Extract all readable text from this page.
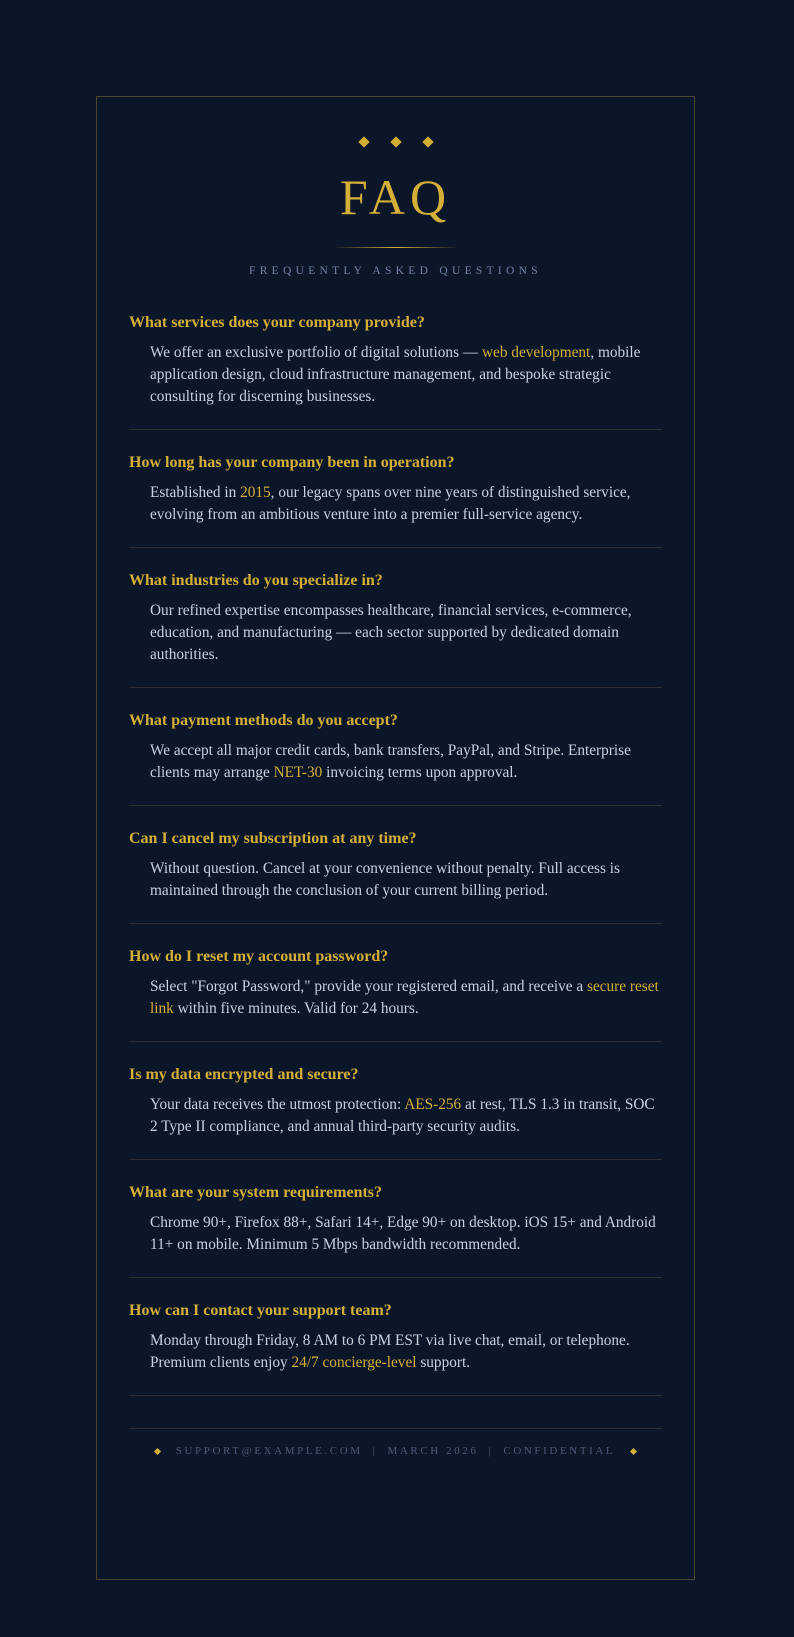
FAQ
FREQUENTLY ASKED QUESTIONS
What services does your company provide?
We offer an exclusive portfolio of digital solutions — web development, mobile application design, cloud infrastructure management, and bespoke strategic consulting for discerning businesses.
How long has your company been in operation?
Established in 2015, our legacy spans over nine years of distinguished service, evolving from an ambitious venture into a premier full-service agency.
What industries do you specialize in?
Our refined expertise encompasses healthcare, financial services, e-commerce, education, and manufacturing — each sector supported by dedicated domain authorities.
What payment methods do you accept?
We accept all major credit cards, bank transfers, PayPal, and Stripe. Enterprise clients may arrange NET-30 invoicing terms upon approval.
Can I cancel my subscription at any time?
Without question. Cancel at your convenience without penalty. Full access is maintained through the conclusion of your current billing period.
How do I reset my account password?
Select "Forgot Password," provide your registered email, and receive a secure reset link within five minutes. Valid for 24 hours.
Is my data encrypted and secure?
Your data receives the utmost protection: AES-256 at rest, TLS 1.3 in transit, SOC 2 Type II compliance, and annual third-party security audits.
What are your system requirements?
Chrome 90+, Firefox 88+, Safari 14+, Edge 90+ on desktop. iOS 15+ and Android 11+ on mobile. Minimum 5 Mbps bandwidth recommended.
How can I contact your support team?
Monday through Friday, 8 AM to 6 PM EST via live chat, email, or telephone. Premium clients enjoy 24/7 concierge-level support.
SUPPORT@EXAMPLE.COM | MARCH 2026 | CONFIDENTIAL
